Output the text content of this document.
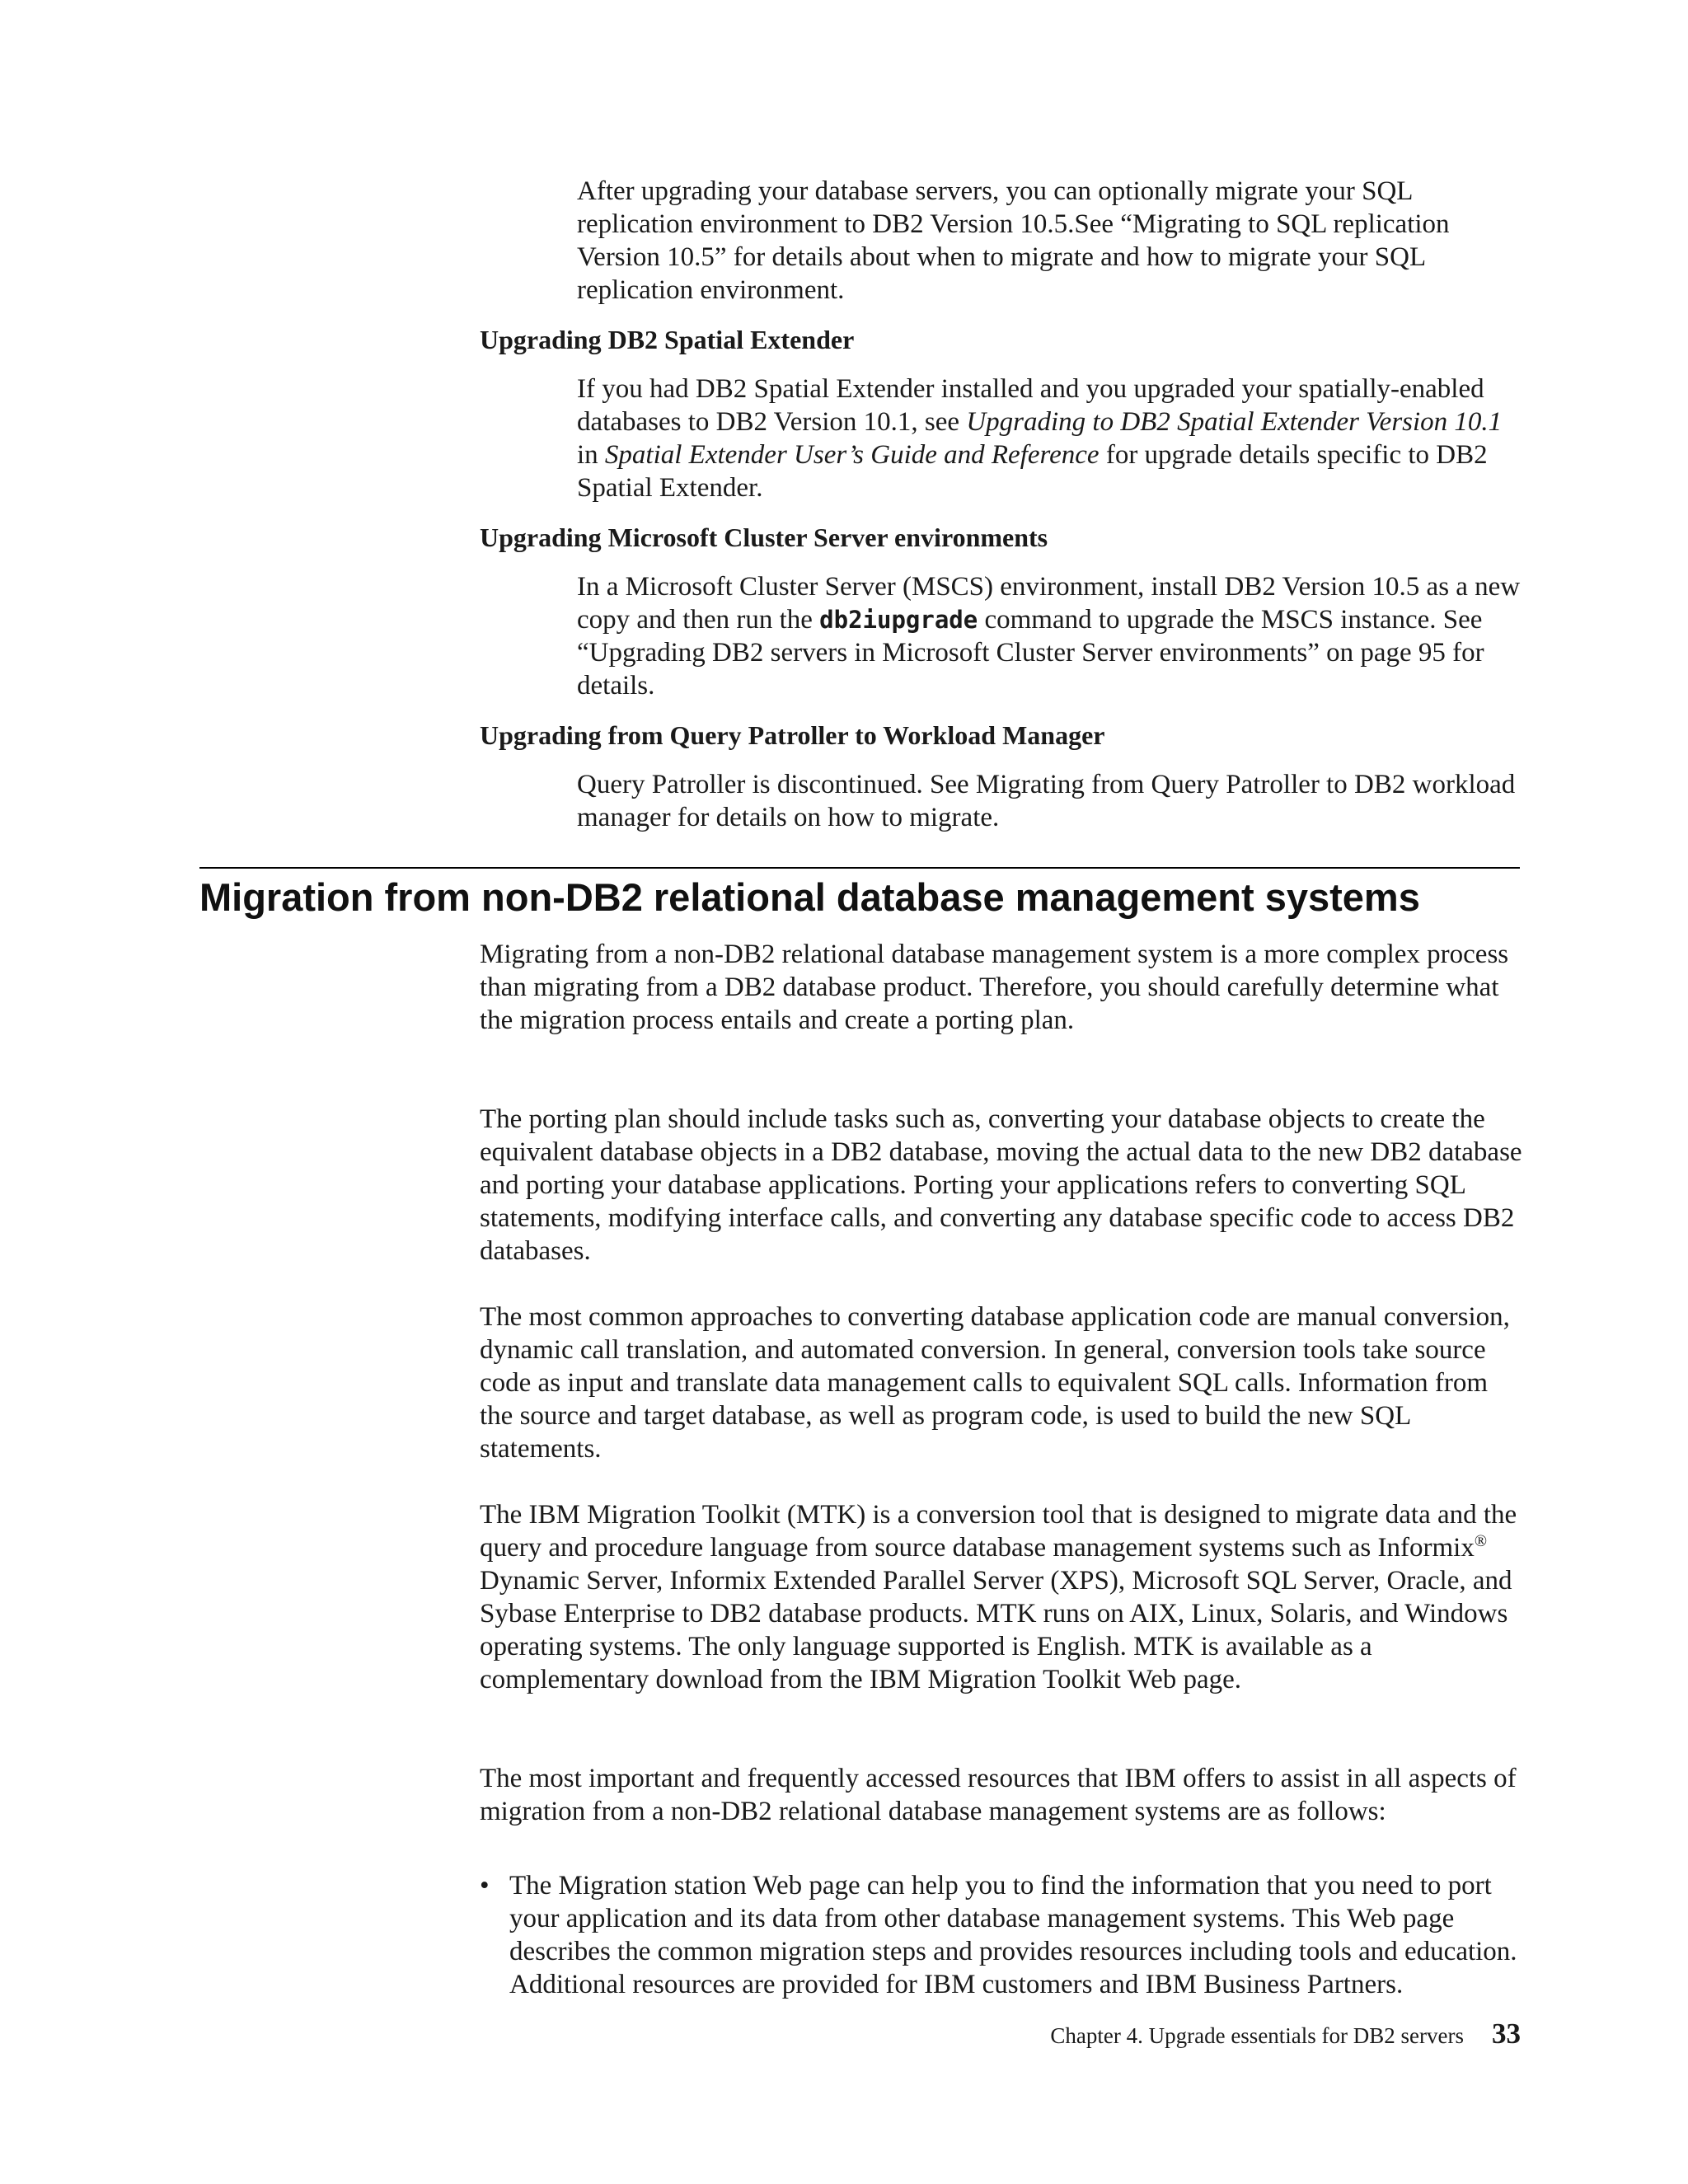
After upgrading your database servers, you can optionally migrate your SQL replication environment to DB2 Version 10.5.See “Migrating to SQL replication Version 10.5” for details about when to migrate and how to migrate your SQL replication environment.

Upgrading DB2 Spatial Extender

If you had DB2 Spatial Extender installed and you upgraded your spatially-enabled databases to DB2 Version 10.1, see Upgrading to DB2 Spatial Extender Version 10.1 in Spatial Extender User’s Guide and Reference for upgrade details specific to DB2 Spatial Extender.

Upgrading Microsoft Cluster Server environments

In a Microsoft Cluster Server (MSCS) environment, install DB2 Version 10.5 as a new copy and then run the db2iupgrade command to upgrade the MSCS instance. See “Upgrading DB2 servers in Microsoft Cluster Server environments” on page 95 for details.

Upgrading from Query Patroller to Workload Manager

Query Patroller is discontinued. See Migrating from Query Patroller to DB2 workload manager for details on how to migrate.

Migration from non-DB2 relational database management systems

Migrating from a non-DB2 relational database management system is a more complex process than migrating from a DB2 database product. Therefore, you should carefully determine what the migration process entails and create a porting plan.

The porting plan should include tasks such as, converting your database objects to create the equivalent database objects in a DB2 database, moving the actual data to the new DB2 database and porting your database applications. Porting your applications refers to converting SQL statements, modifying interface calls, and converting any database specific code to access DB2 databases.

The most common approaches to converting database application code are manual conversion, dynamic call translation, and automated conversion. In general, conversion tools take source code as input and translate data management calls to equivalent SQL calls. Information from the source and target database, as well as program code, is used to build the new SQL statements.

The IBM Migration Toolkit (MTK) is a conversion tool that is designed to migrate data and the query and procedure language from source database management systems such as Informix® Dynamic Server, Informix Extended Parallel Server (XPS), Microsoft SQL Server, Oracle, and Sybase Enterprise to DB2 database products. MTK runs on AIX, Linux, Solaris, and Windows operating systems. The only language supported is English. MTK is available as a complementary download from the IBM Migration Toolkit Web page.

The most important and frequently accessed resources that IBM offers to assist in all aspects of migration from a non-DB2 relational database management systems are as follows:

• The Migration station Web page can help you to find the information that you need to port your application and its data from other database management systems. This Web page describes the common migration steps and provides resources including tools and education. Additional resources are provided for IBM customers and IBM Business Partners.

Chapter 4. Upgrade essentials for DB2 servers 33
